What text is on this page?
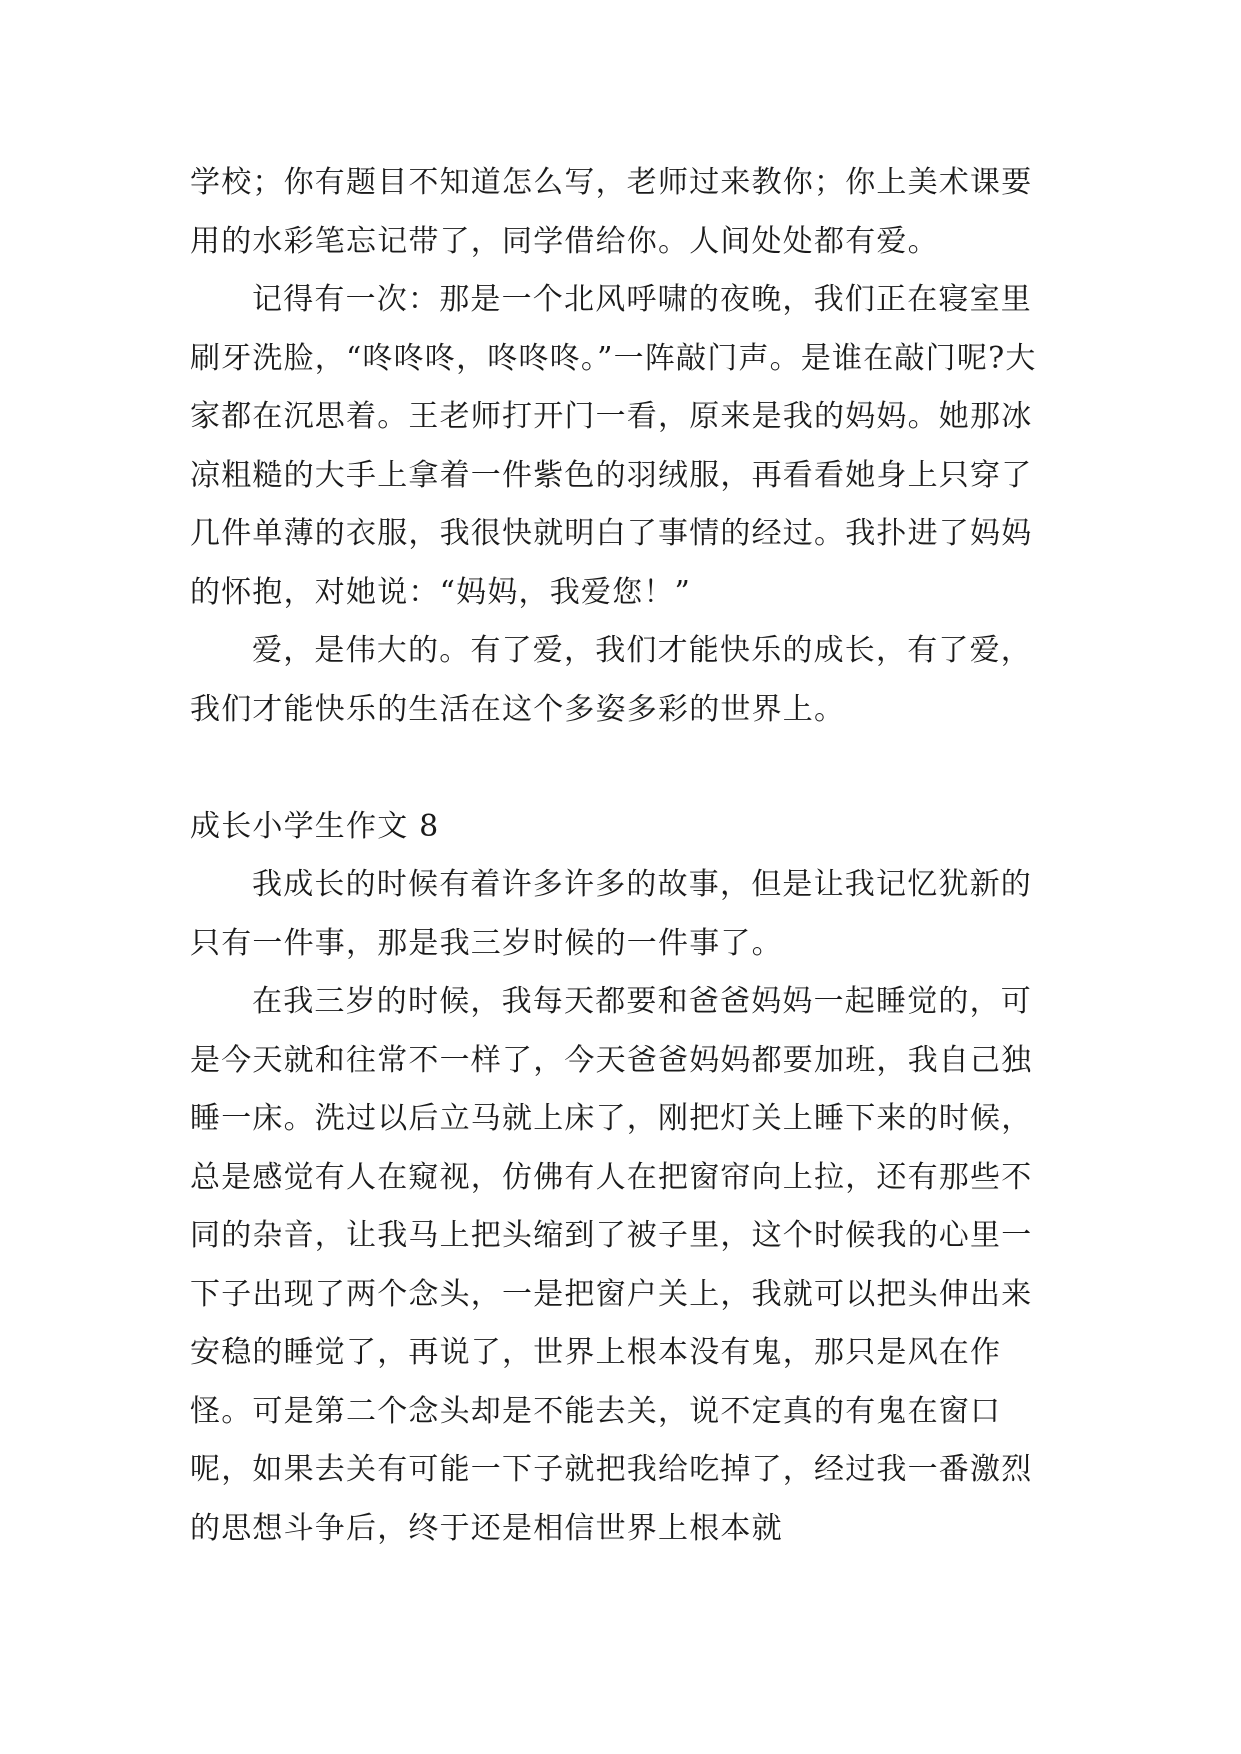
学校；你有题目不知道怎么写，老师过来教你；你上美术课要用的水彩笔忘记带了，同学借给你。人间处处都有爱。

记得有一次：那是一个北风呼啸的夜晚，我们正在寝室里刷牙洗脸，“咚咚咚，咚咚咚。”一阵敲门声。是谁在敲门呢?大家都在沉思着。王老师打开门一看，原来是我的妈妈。她那冰凉粗糙的大手上拿着一件紫色的羽绒服，再看看她身上只穿了几件单薄的衣服，我很快就明白了事情的经过。我扑进了妈妈的怀抱，对她说：“妈妈，我爱您！”

爱，是伟大的。有了爱，我们才能快乐的成长，有了爱，我们才能快乐的生活在这个多姿多彩的世界上。

成长小学生作文 8

我成长的时候有着许多许多的故事，但是让我记忆犹新的只有一件事，那是我三岁时候的一件事了。

在我三岁的时候，我每天都要和爸爸妈妈一起睡觉的，可是今天就和往常不一样了，今天爸爸妈妈都要加班，我自己独睡一床。洗过以后立马就上床了，刚把灯关上睡下来的时候，总是感觉有人在窥视，仿佛有人在把窗帘向上拉，还有那些不同的杂音，让我马上把头缩到了被子里，这个时候我的心里一下子出现了两个念头，一是把窗户关上，我就可以把头伸出来安稳的睡觉了，再说了，世界上根本没有鬼，那只是风在作怪。可是第二个念头却是不能去关，说不定真的有鬼在窗口呢，如果去关有可能一下子就把我给吃掉了，经过我一番激烈的思想斗争后，终于还是相信世界上根本就
